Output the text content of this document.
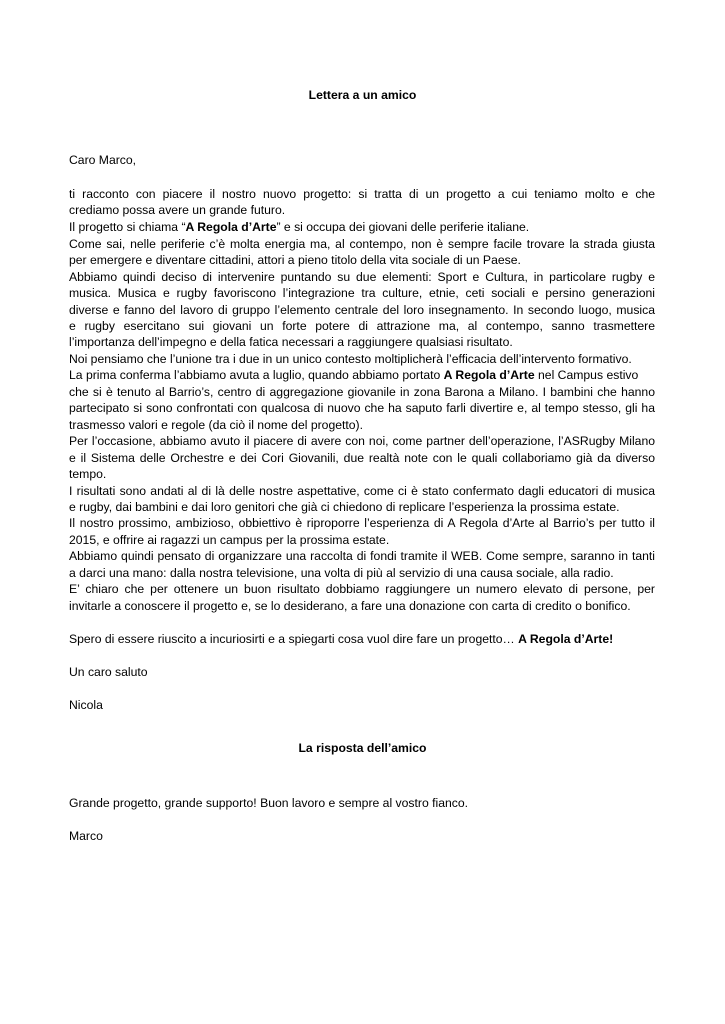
Lettera a un amico
Caro Marco,
ti racconto con piacere il nostro nuovo progetto: si tratta di un progetto a cui teniamo molto e che
crediamo possa avere un grande futuro.
Il progetto si chiama “A Regola d’Arte” e si occupa dei giovani delle periferie italiane.
Come sai, nelle periferie c’è molta energia ma, al contempo, non è sempre facile trovare la strada giusta
per emergere e diventare cittadini, attori a pieno titolo della vita sociale di un Paese.
Abbiamo quindi deciso di intervenire puntando su due elementi: Sport e Cultura, in particolare rugby e
musica. Musica e rugby favoriscono l’integrazione tra culture, etnie, ceti sociali e persino generazioni
diverse e fanno del lavoro di gruppo l’elemento centrale del loro insegnamento. In secondo luogo, musica
e rugby esercitano sui giovani un forte potere di attrazione ma, al contempo, sanno trasmettere
l’importanza dell’impegno e della fatica necessari a raggiungere qualsiasi risultato.
Noi pensiamo che l’unione tra i due in un unico contesto moltiplicherà l’efficacia dell’intervento formativo.
La prima conferma l’abbiamo avuta a luglio, quando abbiamo portato A Regola d’Arte nel Campus estivo
che si è tenuto al Barrio’s, centro di aggregazione giovanile in zona Barona a Milano. I bambini che hanno
partecipato si sono confrontati con qualcosa di nuovo che ha saputo farli divertire e, al tempo stesso, gli ha
trasmesso valori e regole (da ciò il nome del progetto).
Per l’occasione, abbiamo avuto il piacere di avere con noi, come partner dell’operazione, l’ASRugby Milano
e il Sistema delle Orchestre e dei Cori Giovanili, due realtà note con le quali collaboriamo già da diverso
tempo.
I risultati sono andati al di là delle nostre aspettative, come ci è stato confermato dagli educatori di musica
e rugby, dai bambini e dai loro genitori che già ci chiedono di replicare l’esperienza la prossima estate.
Il nostro prossimo, ambizioso, obbiettivo è riproporre l’esperienza di A Regola d’Arte al Barrio’s per tutto il
2015, e offrire ai ragazzi un campus per la prossima estate.
Abbiamo quindi pensato di organizzare una raccolta di fondi tramite il WEB. Come sempre, saranno in tanti
a darci una mano: dalla nostra televisione, una volta di più al servizio di una causa sociale, alla radio.
E’ chiaro che per ottenere un buon risultato dobbiamo raggiungere un numero elevato di persone, per
invitarle a conoscere il progetto e, se lo desiderano, a fare una donazione con carta di credito o bonifico.
Spero di essere riuscito a incuriosirti e a spiegarti cosa vuol dire fare un progetto… A Regola d’Arte!
Un caro saluto
Nicola
La risposta dell’amico
Grande progetto, grande supporto! Buon lavoro e sempre al vostro fianco.
Marco
